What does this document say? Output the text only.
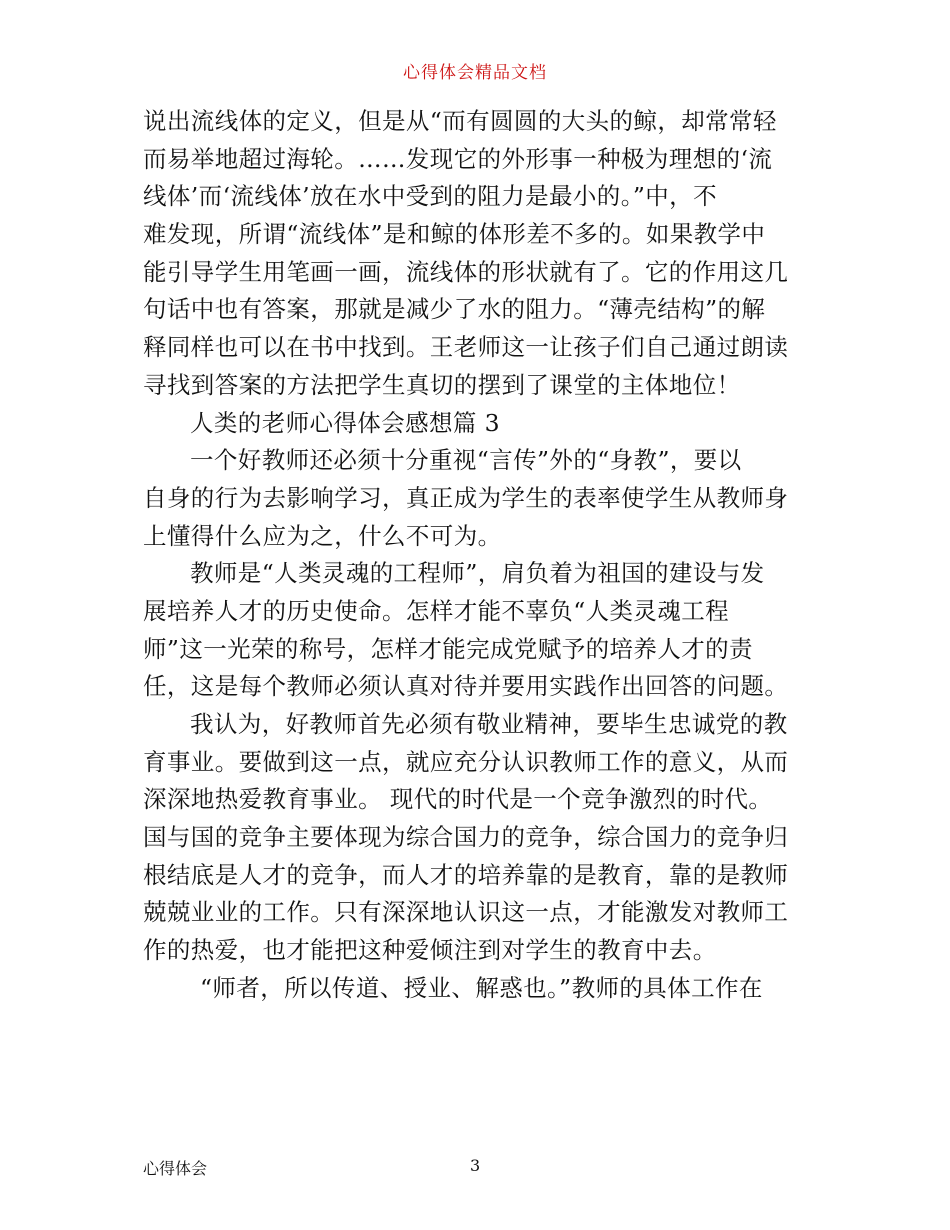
心得体会精品文档
说出流线体的定义，但是从“而有圆圆的大头的鲸，却常常轻
而易举地超过海轮。……发现它的外形事一种极为理想的‘流
线体’而‘流线体’放在水中受到的阻力是最小的。”中，不
难发现，所谓“流线体”是和鲸的体形差不多的。如果教学中
能引导学生用笔画一画，流线体的形状就有了。它的作用这几
句话中也有答案，那就是减少了水的阻力。“薄壳结构”的解
释同样也可以在书中找到。王老师这一让孩子们自己通过朗读
寻找到答案的方法把学生真切的摆到了课堂的主体地位！
人类的老师心得体会感想篇 3
一个好教师还必须十分重视“言传”外的“身教”，要以
自身的行为去影响学习，真正成为学生的表率使学生从教师身
上懂得什么应为之，什么不可为。
教师是“人类灵魂的工程师”，肩负着为祖国的建设与发
展培养人才的历史使命。怎样才能不辜负“人类灵魂工程
师”这一光荣的称号，怎样才能完成党赋予的培养人才的责
任，这是每个教师必须认真对待并要用实践作出回答的问题。
我认为，好教师首先必须有敬业精神，要毕生忠诚党的教
育事业。要做到这一点，就应充分认识教师工作的意义，从而
深深地热爱教育事业。 现代的时代是一个竞争激烈的时代。
国与国的竞争主要体现为综合国力的竞争，综合国力的竞争归
根结底是人才的竞争，而人才的培养靠的是教育，靠的是教师
兢兢业业的工作。只有深深地认识这一点，才能激发对教师工
作的热爱，也才能把这种爱倾注到对学生的教育中去。
“师者，所以传道、授业、解惑也。”教师的具体工作在
心得体会	3
